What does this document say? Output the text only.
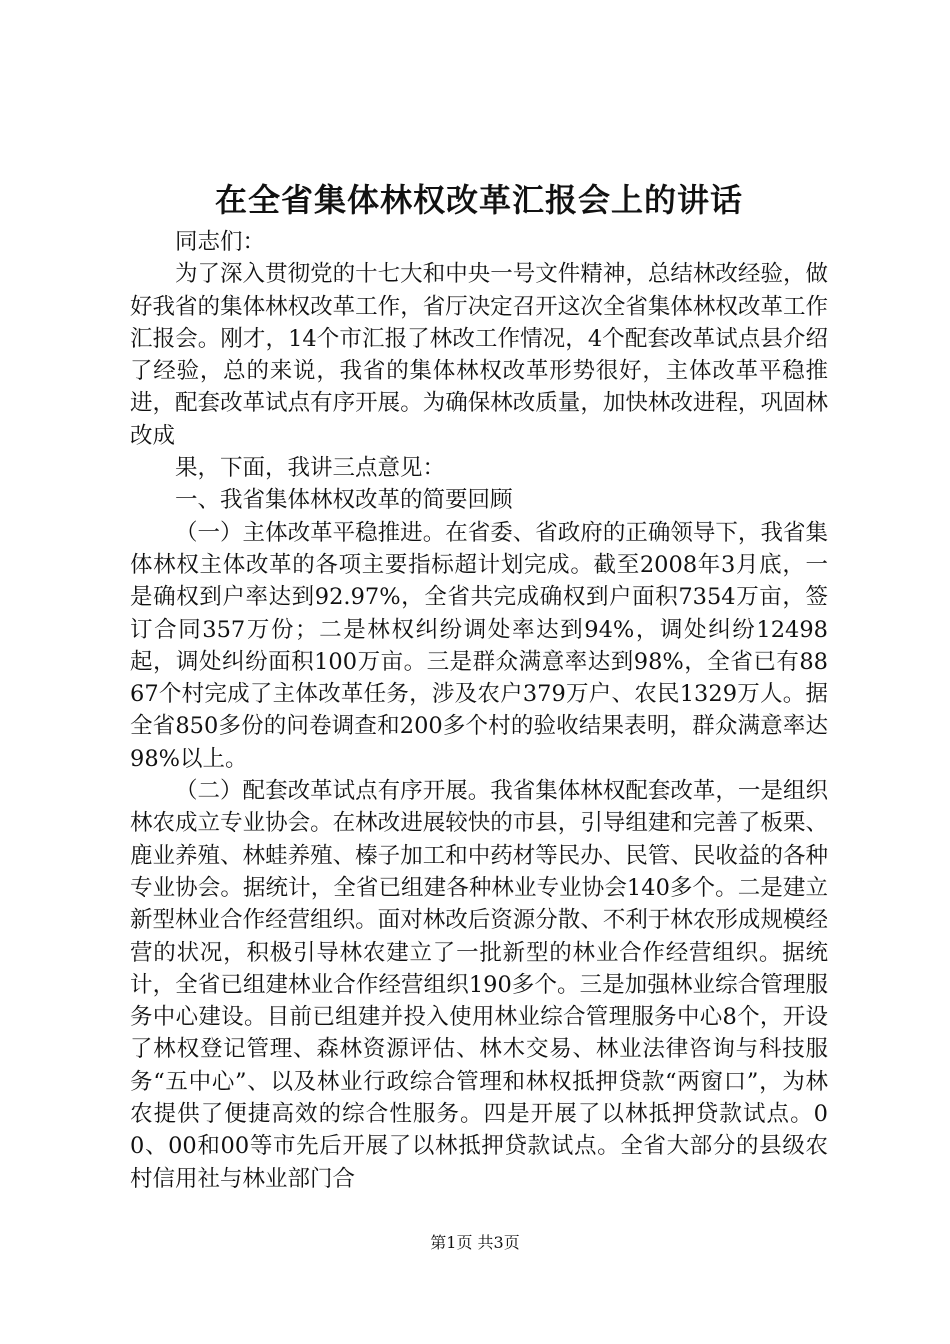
在全省集体林权改革汇报会上的讲话

同志们：

为了深入贯彻党的十七大和中央一号文件精神，总结林改经验，做好我省的集体林权改革工作，省厅决定召开这次全省集体林权改革工作汇报会。刚才，14个市汇报了林改工作情况，4个配套改革试点县介绍了经验，总的来说，我省的集体林权改革形势很好，主体改革平稳推进，配套改革试点有序开展。为确保林改质量，加快林改进程，巩固林改成

果，下面，我讲三点意见：

一、我省集体林权改革的简要回顾

（一）主体改革平稳推进。在省委、省政府的正确领导下，我省集体林权主体改革的各项主要指标超计划完成。截至2008年3月底，一是确权到户率达到92.97%，全省共完成确权到户面积7354万亩，签订合同357万份；二是林权纠纷调处率达到94%，调处纠纷12498起，调处纠纷面积100万亩。三是群众满意率达到98%，全省已有8867个村完成了主体改革任务，涉及农户379万户、农民1329万人。据全省850多份的问卷调查和200多个村的验收结果表明，群众满意率达98%以上。

（二）配套改革试点有序开展。我省集体林权配套改革，一是组织林农成立专业协会。在林改进展较快的市县，引导组建和完善了板栗、鹿业养殖、林蛙养殖、榛子加工和中药材等民办、民管、民收益的各种专业协会。据统计，全省已组建各种林业专业协会140多个。二是建立新型林业合作经营组织。面对林改后资源分散、不利于林农形成规模经营的状况，积极引导林农建立了一批新型的林业合作经营组织。据统计，全省已组建林业合作经营组织190多个。三是加强林业综合管理服务中心建设。目前已组建并投入使用林业综合管理服务中心8个，开设了林权登记管理、森林资源评估、林木交易、林业法律咨询与科技服务“五中心”、以及林业行政综合管理和林权抵押贷款“两窗口”，为林农提供了便捷高效的综合性服务。四是开展了以林抵押贷款试点。00、00和00等市先后开展了以林抵押贷款试点。全省大部分的县级农村信用社与林业部门合

第1页 共3页
